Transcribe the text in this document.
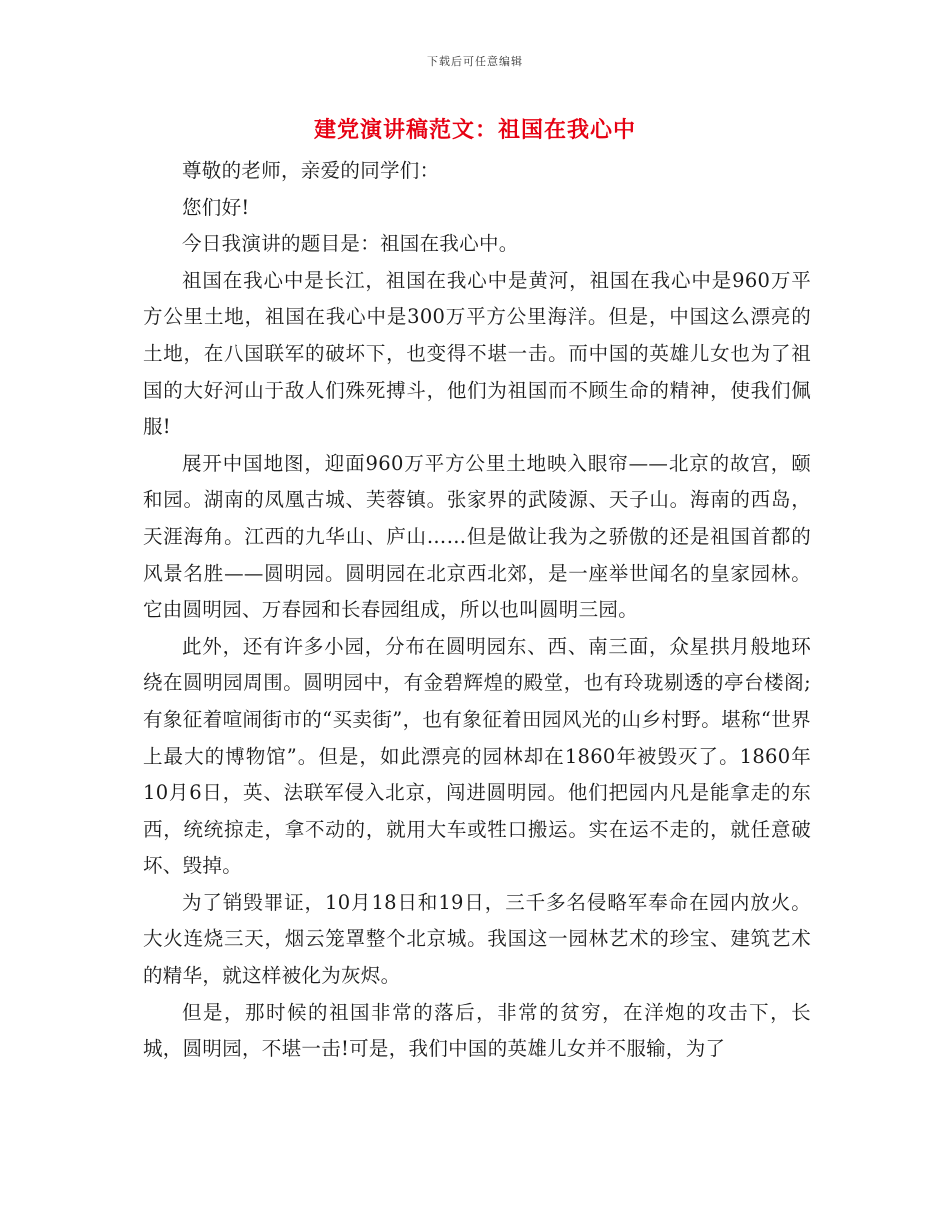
下载后可任意编辑
建党演讲稿范文：祖国在我心中

尊敬的老师，亲爱的同学们：

您们好!

今日我演讲的题目是：祖国在我心中。

祖国在我心中是长江，祖国在我心中是黄河，祖国在我心中是960万平方公里土地，祖国在我心中是300万平方公里海洋。但是，中国这么漂亮的土地，在八国联军的破坏下，也变得不堪一击。而中国的英雄儿女也为了祖国的大好河山于敌人们殊死搏斗，他们为祖国而不顾生命的精神，使我们佩服!

展开中国地图，迎面960万平方公里土地映入眼帘——北京的故宫，颐和园。湖南的凤凰古城、芙蓉镇。张家界的武陵源、天子山。海南的西岛，天涯海角。江西的九华山、庐山……但是做让我为之骄傲的还是祖国首都的风景名胜——圆明园。圆明园在北京西北郊，是一座举世闻名的皇家园林。它由圆明园、万春园和长春园组成，所以也叫圆明三园。

此外，还有许多小园，分布在圆明园东、西、南三面，众星拱月般地环绕在圆明园周围。圆明园中，有金碧辉煌的殿堂，也有玲珑剔透的亭台楼阁;有象征着喧闹街市的“买卖街”，也有象征着田园风光的山乡村野。堪称“世界上最大的博物馆”。但是，如此漂亮的园林却在1860年被毁灭了。1860年10月6日，英、法联军侵入北京，闯进圆明园。他们把园内凡是能拿走的东西，统统掠走，拿不动的，就用大车或牲口搬运。实在运不走的，就任意破坏、毁掉。

为了销毁罪证，10月18日和19日，三千多名侵略军奉命在园内放火。大火连烧三天，烟云笼罩整个北京城。我国这一园林艺术的珍宝、建筑艺术的精华，就这样被化为灰烬。

但是，那时候的祖国非常的落后，非常的贫穷，在洋炮的攻击下，长城，圆明园，不堪一击!可是，我们中国的英雄儿女并不服输，为了
